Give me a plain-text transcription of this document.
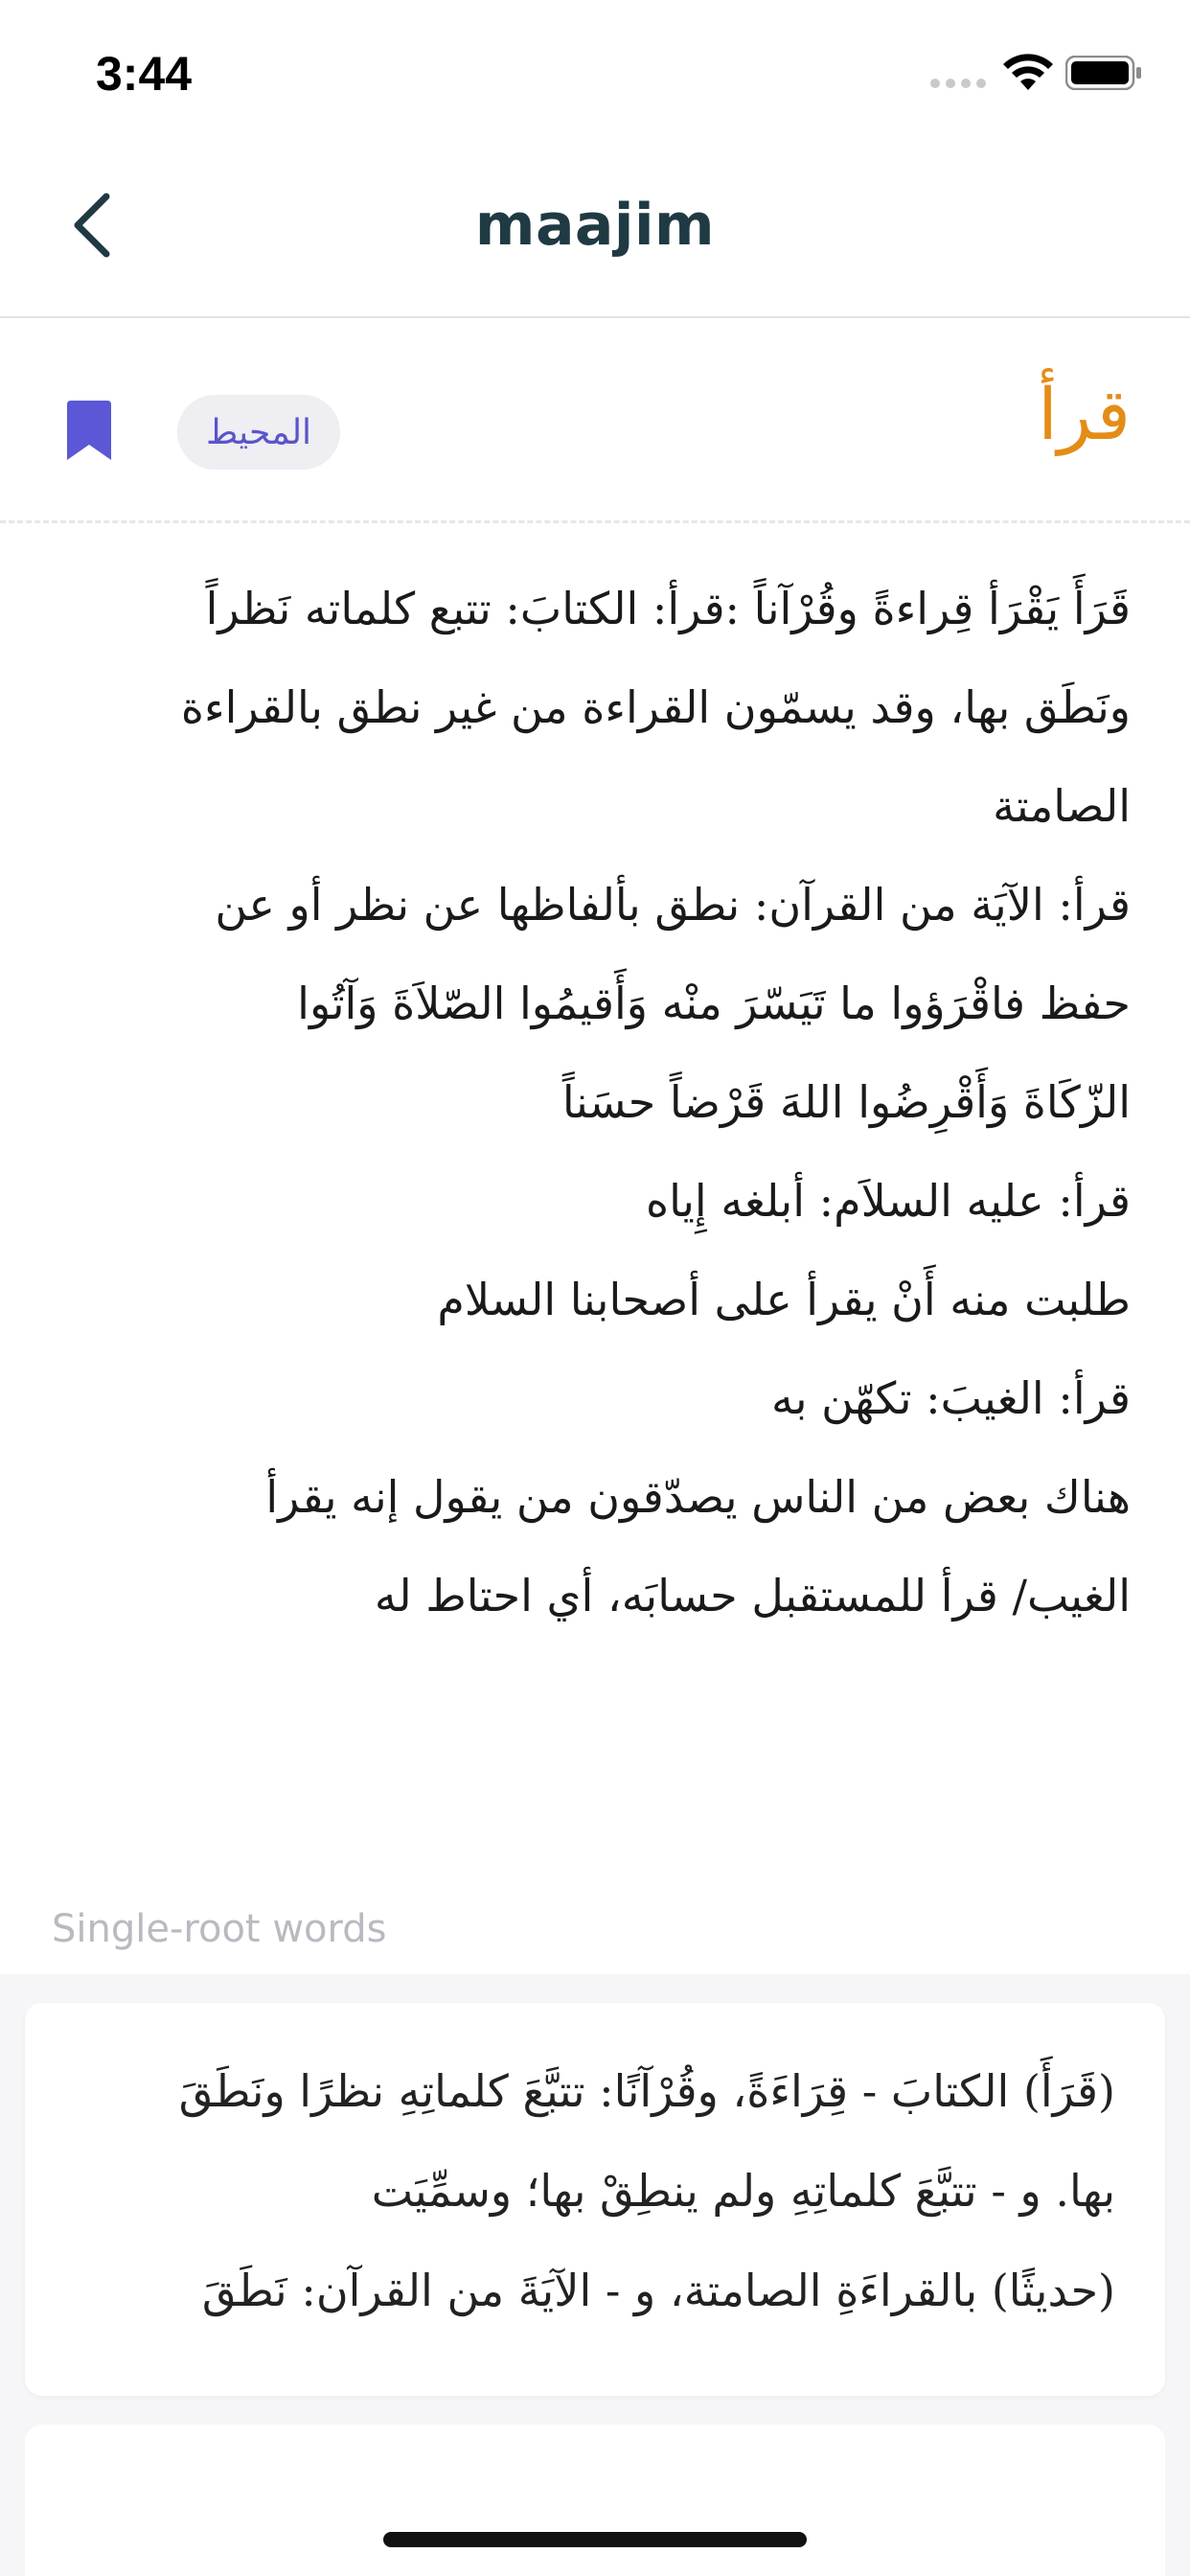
3:44
maajim
المحيط	قرأ

قَرَأَ يَقْرَأ قِراءةً وقُرْآناً :قرأ: الكتابَ: تتبع كلماته نَظراً

ونَطَق بها، وقد يسمّون القراءة من غير نطق بالقراءة

الصامتة

قرأ: الآيَة من القرآن: نطق بألفاظها عن نظر أو عن

حفظ فاقْرَؤوا ما تَيَسّرَ منْه وَأَقيمُوا الصّلاَةَ وَآتُوا

الزّكَاةَ وَأَقْرِضُوا اللهَ قَرْضاً حسَناً

قرأ: عليه السلاَم: أبلغه إِياه

طلبت منه أَنْ يقرأ على أصحابنا السلام

قرأ: الغيبَ: تكهّن به

هناك بعض من الناس يصدّقون من يقول إنه يقرأ

الغيب/ قرأ للمستقبل حسابَه، أي احتاط له

Single-root words

(قَرَأَ) الكتابَ - قِرَاءَةً، وقُرْآنًا: تتبَّعَ كلماتِهِ نظرًا ونَطَقَ

بها. و - تتبَّعَ كلماتِهِ ولم ينطِقْ بها؛ وسمِّيَت

(حديثًا) بالقراءَةِ الصامتة، و - الآيَةَ من القرآن: نَطَقَ
